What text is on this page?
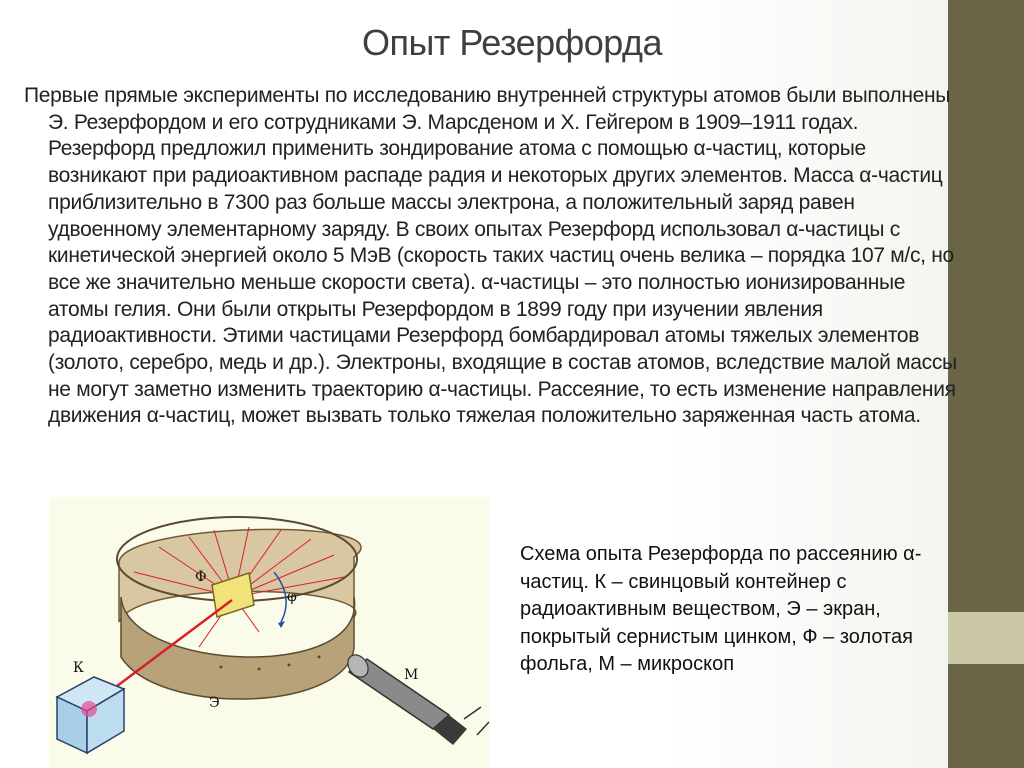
Опыт Резерфорда

Первые прямые эксперименты по исследованию внутренней структуры атомов были выполнены Э. Резерфордом и его сотрудниками Э. Марсденом и Х. Гейгером в 1909–1911 годах. Резерфорд предложил применить зондирование атома с помощью α-частиц, которые возникают при радиоактивном распаде радия и некоторых других элементов. Масса α-частиц приблизительно в 7300 раз больше массы электрона, а положительный заряд равен удвоенному элементарному заряду. В своих опытах Резерфорд использовал α-частицы с кинетической энергией около 5 МэВ (скорость таких частиц очень велика – порядка 107 м/с, но все же значительно меньше скорости света). α-частицы – это полностью ионизированные атомы гелия. Они были открыты Резерфордом в 1899 году при изучении явления радиоактивности. Этими частицами Резерфорд бомбардировал атомы тяжелых элементов (золото, серебро, медь и др.). Электроны, входящие в состав атомов, вследствие малой массы не могут заметно изменить траекторию α-частицы. Рассеяние, то есть изменение направления движения α-частиц, может вызвать только тяжелая положительно заряженная часть атома.

К
Э
Ф
М
φ
Схема опыта Резерфорда по рассеянию α-частиц. К – свинцовый контейнер с радиоактивным веществом, Э – экран, покрытый сернистым цинком, Ф – золотая фольга, М – микроскоп
